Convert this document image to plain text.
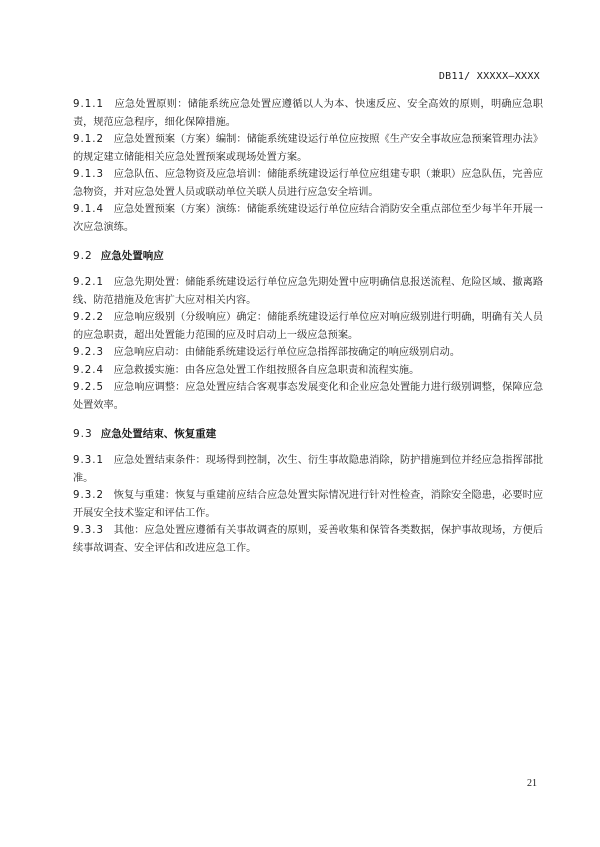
DB11/ XXXXX—XXXX

9.1.1 应急处置原则：储能系统应急处置应遵循以人为本、快速反应、安全高效的原则，明确应急职责，规范应急程序，细化保障措施。

9.1.2 应急处置预案（方案）编制：储能系统建设运行单位应按照《生产安全事故应急预案管理办法》的规定建立储能相关应急处置预案或现场处置方案。

9.1.3 应急队伍、应急物资及应急培训：储能系统建设运行单位应组建专职（兼职）应急队伍，完善应急物资，并对应急处置人员或联动单位关联人员进行应急安全培训。

9.1.4 应急处置预案（方案）演练：储能系统建设运行单位应结合消防安全重点部位至少每半年开展一次应急演练。

9.2 应急处置响应

9.2.1 应急先期处置：储能系统建设运行单位应急先期处置中应明确信息报送流程、危险区域、撤离路线、防范措施及危害扩大应对相关内容。

9.2.2 应急响应级别（分级响应）确定：储能系统建设运行单位应对响应级别进行明确，明确有关人员的应急职责，超出处置能力范围的应及时启动上一级应急预案。

9.2.3 应急响应启动：由储能系统建设运行单位应急指挥部按确定的响应级别启动。

9.2.4 应急救援实施：由各应急处置工作组按照各自应急职责和流程实施。

9.2.5 应急响应调整：应急处置应结合客观事态发展变化和企业应急处置能力进行级别调整，保障应急处置效率。

9.3 应急处置结束、恢复重建

9.3.1 应急处置结束条件：现场得到控制，次生、衍生事故隐患消除，防护措施到位并经应急指挥部批准。

9.3.2 恢复与重建：恢复与重建前应结合应急处置实际情况进行针对性检查，消除安全隐患，必要时应开展安全技术鉴定和评估工作。

9.3.3 其他：应急处置应遵循有关事故调查的原则，妥善收集和保管各类数据，保护事故现场，方便后续事故调查、安全评估和改进应急工作。

21
